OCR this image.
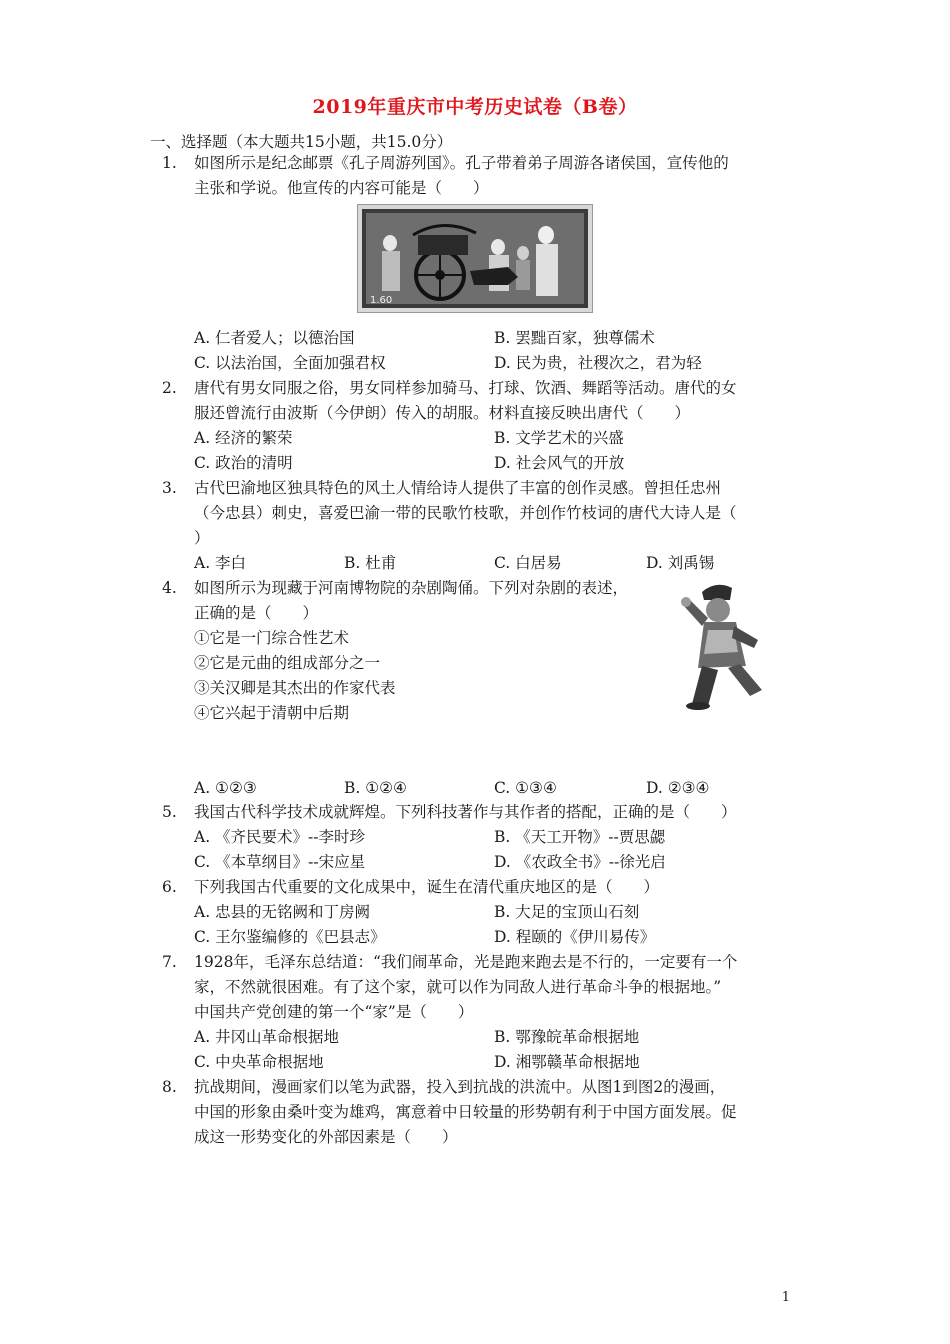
2019年重庆市中考历史试卷（B卷）
一、选择题（本大题共15小题，共15.0分）
1. 如图所示是纪念邮票《孔子周游列国》。孔子带着弟子周游各诸侯国，宣传他的
主张和学说。他宣传的内容可能是（　　）
1.60
A. 仁者爱人；以德治国	B. 罢黜百家，独尊儒术
C. 以法治国，全面加强君权	D. 民为贵，社稷次之，君为轻
2. 唐代有男女同服之俗，男女同样参加骑马、打球、饮酒、舞蹈等活动。唐代的女
服还曾流行由波斯（今伊朗）传入的胡服。材料直接反映出唐代（　　）
A. 经济的繁荣	B. 文学艺术的兴盛
C. 政治的清明	D. 社会风气的开放
3. 古代巴渝地区独具特色的风土人情给诗人提供了丰富的创作灵感。曾担任忠州
（今忠县）刺史，喜爱巴渝一带的民歌竹枝歌，并创作竹枝词的唐代大诗人是（
）
A. 李白	B. 杜甫	C. 白居易	D. 刘禹锡
4. 如图所示为现藏于河南博物院的杂剧陶俑。下列对杂剧的表述，
正确的是（　　）
①它是一门综合性艺术
②它是元曲的组成部分之一
③关汉卿是其杰出的作家代表
④它兴起于清朝中后期
A. ①②③	B. ①②④	C. ①③④	D. ②③④
5. 我国古代科学技术成就辉煌。下列科技著作与其作者的搭配，正确的是（　　）
A. 《齐民要术》--李时珍	B. 《天工开物》--贾思勰
C. 《本草纲目》--宋应星	D. 《农政全书》--徐光启
6. 下列我国古代重要的文化成果中，诞生在清代重庆地区的是（　　）
A. 忠县的无铭阙和丁房阙	B. 大足的宝顶山石刻
C. 王尔鉴编修的《巴县志》	D. 程颐的《伊川易传》
7. 1928年，毛泽东总结道：“我们闹革命，光是跑来跑去是不行的，一定要有一个
家，不然就很困难。有了这个家，就可以作为同敌人进行革命斗争的根据地。”
中国共产党创建的第一个“家”是（　　）
A. 井冈山革命根据地	B. 鄂豫皖革命根据地
C. 中央革命根据地	D. 湘鄂赣革命根据地
8. 抗战期间，漫画家们以笔为武器，投入到抗战的洪流中。从图1到图2的漫画，
中国的形象由桑叶变为雄鸡，寓意着中日较量的形势朝有利于中国方面发展。促
成这一形势变化的外部因素是（　　）
1
